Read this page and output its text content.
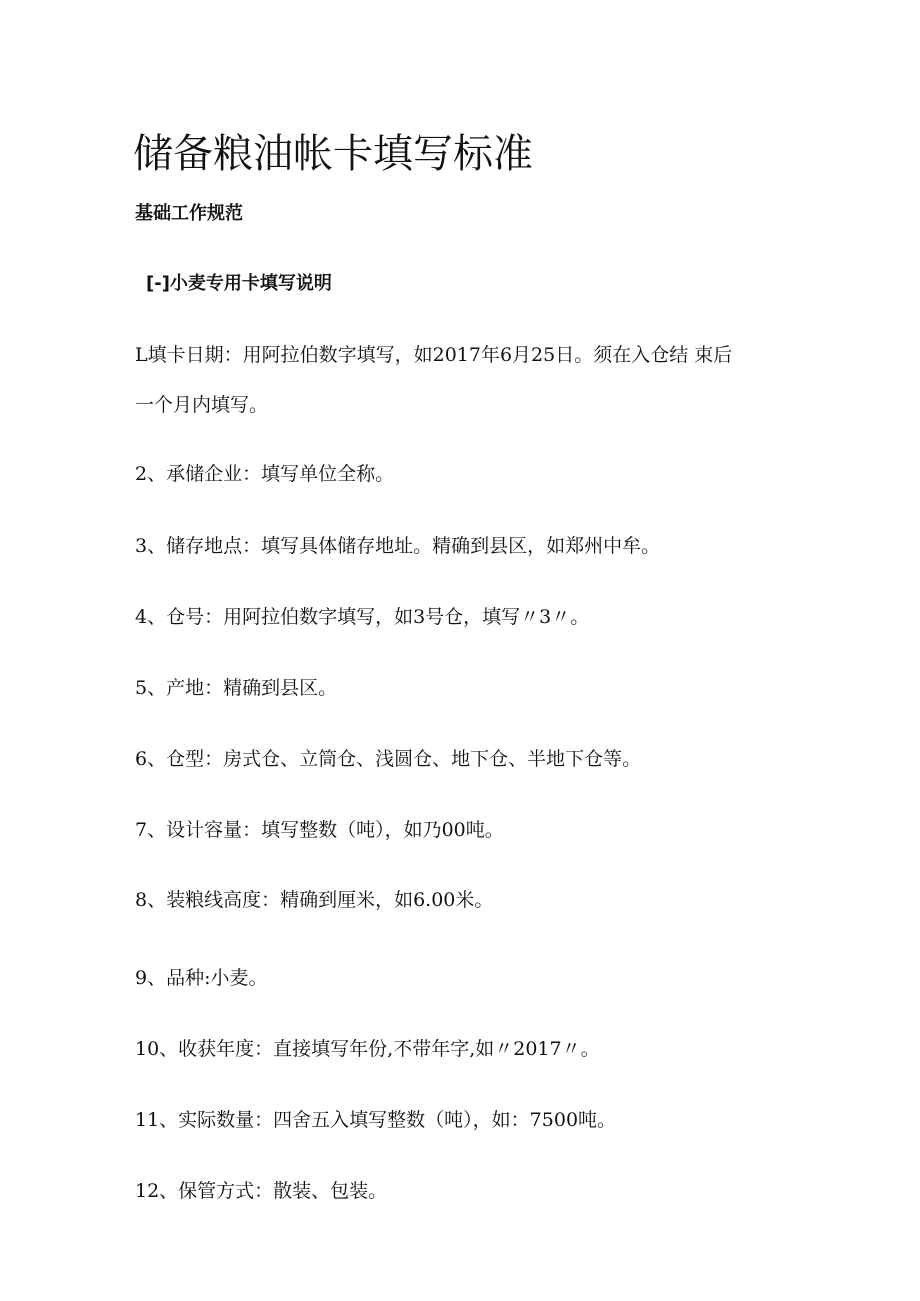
储备粮油帐卡填写标准
基础工作规范
[-]小麦专用卡填写说明
L填卡日期：用阿拉伯数字填写，如2017年6月25日。须在入仓结 束后
一个月内填写。
2、承储企业：填写单位全称。
3、储存地点：填写具体储存地址。精确到县区，如郑州中牟。
4、仓号：用阿拉伯数字填写，如3号仓，填写〃3〃。
5、产地：精确到县区。
6、仓型：房式仓、立筒仓、浅圆仓、地下仓、半地下仓等。
7、设计容量：填写整数（吨），如乃00吨。
8、装粮线高度：精确到厘米，如6.00米。
9、品种:小麦。
10、收获年度：直接填写年份,不带年字,如〃2017〃。
11、实际数量：四舍五入填写整数（吨），如：7500吨。
12、保管方式：散装、包装。
